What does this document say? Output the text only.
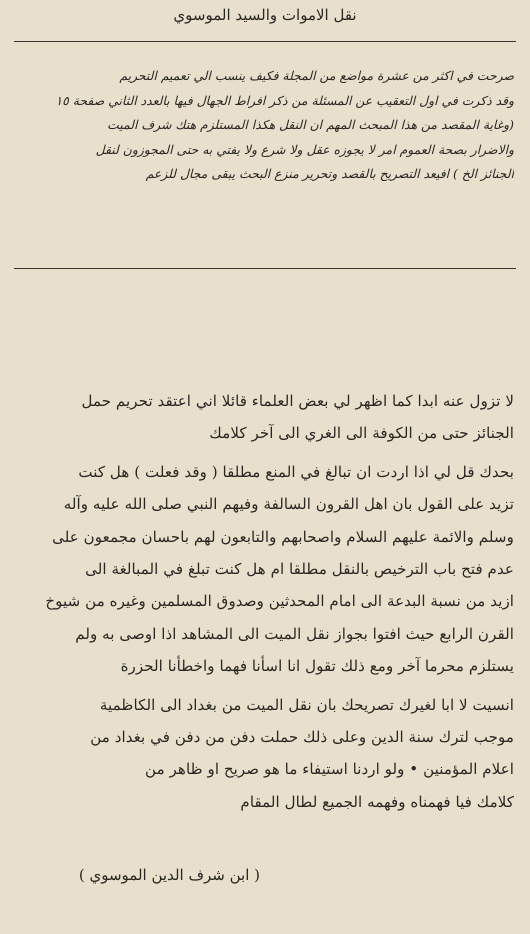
نقل الاموات والسيد الموسوي
صرحت في اكثر من عشرة مواضع من المجلة فكيف ينسب الي تعميم التحريم
وقد ذكرت في اول التعقيب عن المسئلة من ذكر افراط الجهال فيها بالعدد الثاني صفحة ١٥
(وغاية المقصد من هذا المبحث المهم ان النقل هكذا المستلزم هتك شرف الميت
والاضرار بصحة العموم امر لا يجوزه عقل ولا شرع ولا يفتي به حتى المجوزون لنقل
الجنائز الخ ) افيعد التصريح بالقصد وتحرير منزع البحث يبقى مجال للزعم
لا تزول عنه ابدا كما اظهر لي بعض العلماء قائلا اني اعتقد تحريم حمل
الجنائز حتى من الكوفة الى الغري الى آخر كلامك
بحدك قل لي اذا اردت ان تبالغ في المنع مطلقا ( وقد فعلت ) هل كنت
تزيد على القول بان اهل القرون السالفة وفيهم النبي صلى الله عليه وآله
وسلم والائمة عليهم السلام واصحابهم والتابعون لهم باحسان مجمعون على
عدم فتح باب الترخيص بالنقل مطلقا ام هل كنت تبلغ في المبالغة الى
ازيد من نسبة البدعة الى امام المحدثين وصدوق المسلمين وغيره من شيوخ
القرن الرابع حيث افتوا بجواز نقل الميت الى المشاهد اذا اوصى به ولم
يستلزم محرما آخر ومع ذلك تقول انا اسأنا فهما واخطأنا الحزرة
انسيت لا ابا لغيرك تصريحك بان نقل الميت من بغداد الى الكاظمية
موجب لترك سنة الدين وعلى ذلك حملت دفن من دفن في بغداد من
اعلام المؤمنين • ولو اردنا استيفاء ما هو صريح او ظاهر من
كلامك فيا فهمناه وفهمه الجميع لطال المقام
( ابن شرف الدين الموسوي )
